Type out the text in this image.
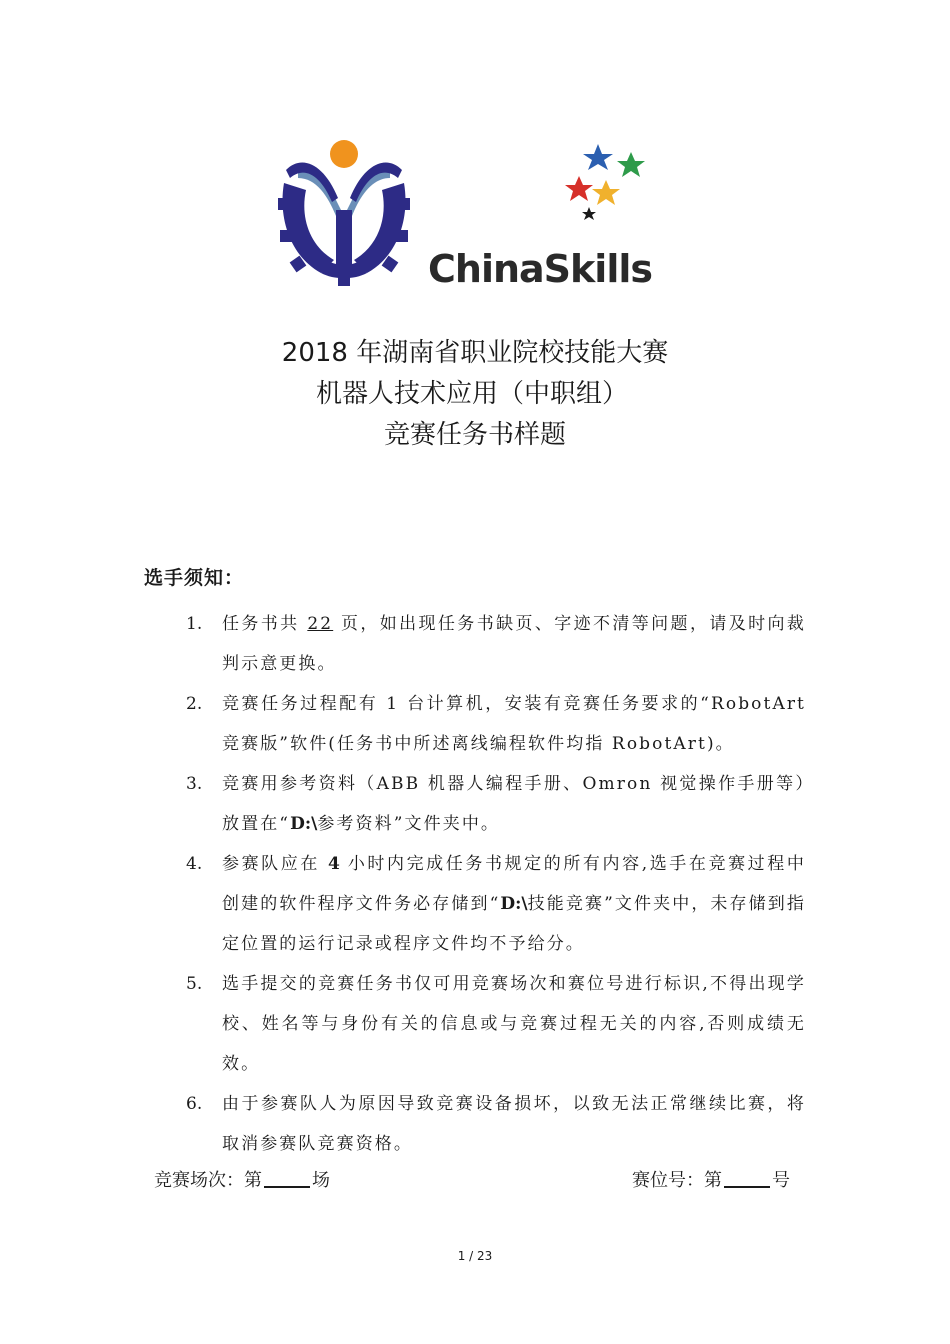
ChinaSkills
2018 年湖南省职业院校技能大赛
机器人技术应用（中职组）
竞赛任务书样题
选手须知：
1. 任务书共 22 页，如出现任务书缺页、字迹不清等问题，请及时向裁判示意更换。
2. 竞赛任务过程配有 1 台计算机，安装有竞赛任务要求的“RobotArt 竞赛版”软件(任务书中所述离线编程软件均指 RobotArt)。
3. 竞赛用参考资料（ABB 机器人编程手册、Omron 视觉操作手册等）放置在“D:\参考资料”文件夹中。
4. 参赛队应在 4 小时内完成任务书规定的所有内容,选手在竞赛过程中创建的软件程序文件务必存储到“D:\技能竞赛”文件夹中，未存储到指定位置的运行记录或程序文件均不予给分。
5. 选手提交的竞赛任务书仅可用竞赛场次和赛位号进行标识,不得出现学校、姓名等与身份有关的信息或与竞赛过程无关的内容,否则成绩无效。
6. 由于参赛队人为原因导致竞赛设备损坏，以致无法正常继续比赛，将取消参赛队竞赛资格。
竞赛场次：第	场	赛位号：第	号
1 / 23
